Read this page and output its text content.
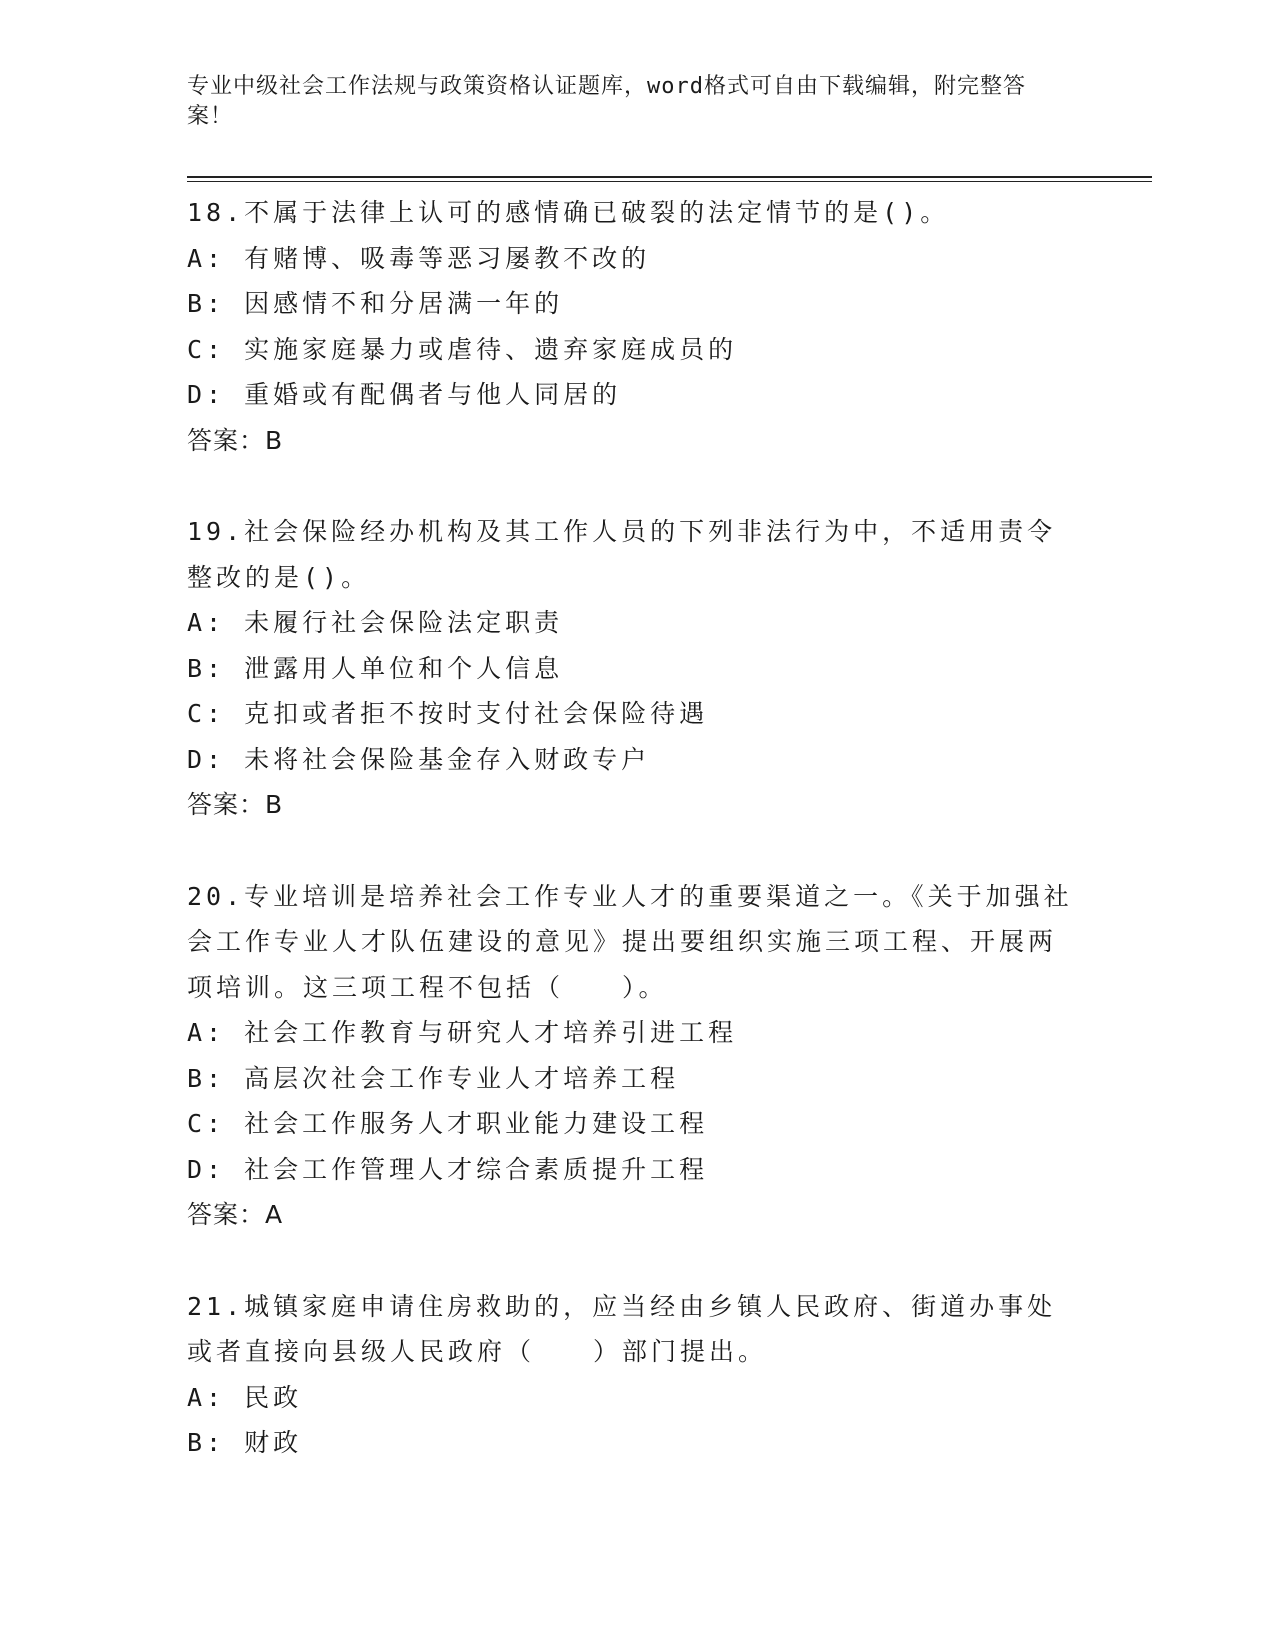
专业中级社会工作法规与政策资格认证题库，word格式可自由下载编辑，附完整答案！

18.不属于法律上认可的感情确已破裂的法定情节的是()。

A: 有赌博、吸毒等恶习屡教不改的

B: 因感情不和分居满一年的

C: 实施家庭暴力或虐待、遗弃家庭成员的

D: 重婚或有配偶者与他人同居的

答案：B

19.社会保险经办机构及其工作人员的下列非法行为中，不适用责令整改的是()。

A: 未履行社会保险法定职责

B: 泄露用人单位和个人信息

C: 克扣或者拒不按时支付社会保险待遇

D: 未将社会保险基金存入财政专户

答案：B

20.专业培训是培养社会工作专业人才的重要渠道之一。《关于加强社会工作专业人才队伍建设的意见》提出要组织实施三项工程、开展两项培训。这三项工程不包括（　　）。

A: 社会工作教育与研究人才培养引进工程

B: 高层次社会工作专业人才培养工程

C: 社会工作服务人才职业能力建设工程

D: 社会工作管理人才综合素质提升工程

答案：A

21.城镇家庭申请住房救助的，应当经由乡镇人民政府、街道办事处或者直接向县级人民政府（　　）部门提出。

A: 民政

B: 财政
